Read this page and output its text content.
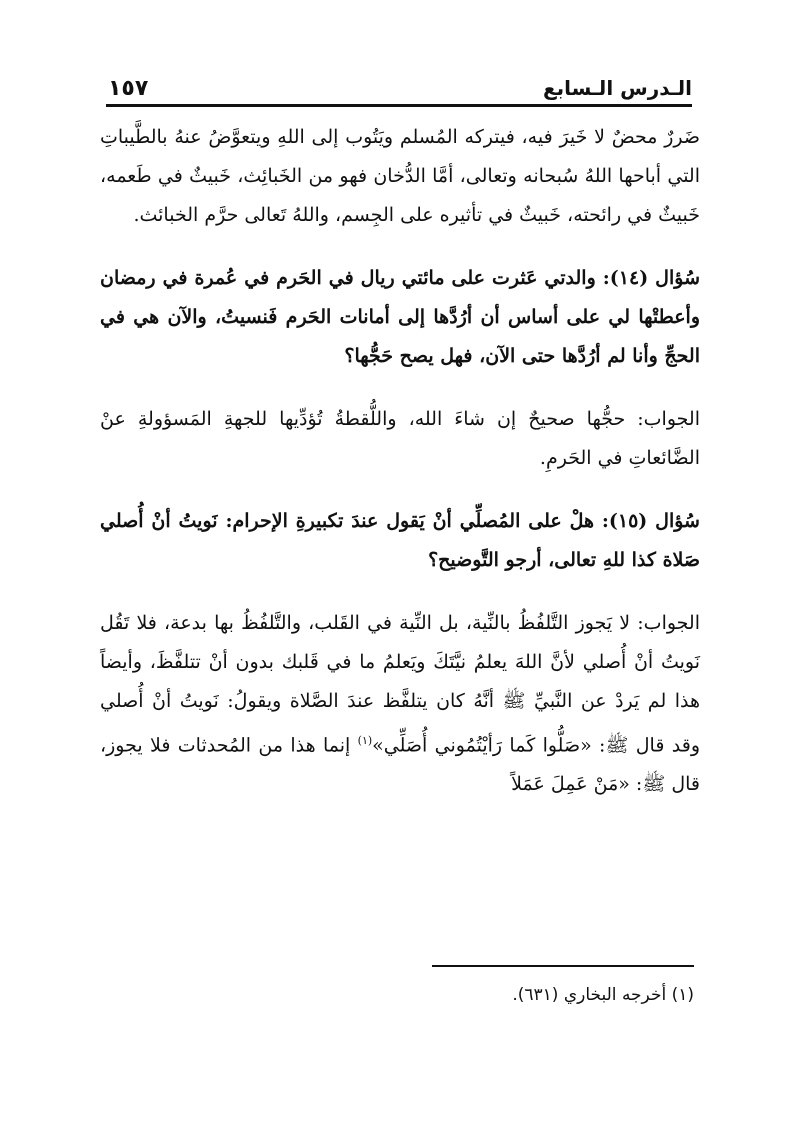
١٥٧	الـدرس الـسابع

ضَررٌ محضٌ لا خَيرَ فيه، فيتركه المُسلم ويَتُوب إلى اللهِ ويتعوَّضُ عنهُ بالطَّيباتِ التي أباحها اللهُ سُبحانه وتعالى، أمَّا الدُّخان فهو من الخَبائِث، خَبيثٌ في طَعمه، خَبيثٌ في رائحته، خَبيثٌ في تأثيره على الجِسم، واللهُ تَعالى حرَّم الخبائث.

سُؤال (١٤): والدتي عَثرت على مائتي ريال في الحَرم في عُمرة في رمضان وأعطتْها لي على أساس أن أرُدَّها إلى أمانات الحَرم فَنسيتُ، والآن هي في الحجِّ وأنا لم أرُدَّها حتى الآن، فهل يصح حَجُّها؟

الجواب: حجُّها صحيحٌ إن شاءَ الله، واللُّقطةُ تُؤدِّيها للجهةِ المَسؤولةِ عنْ الضَّائعاتِ في الحَرمِ.

سُؤال (١٥): هلْ على المُصلِّي أنْ يَقول عندَ تكبيرةِ الإحرام: نَويتُ أنْ أُصلي صَلاة كذا للهِ تعالى، أرجو التَّوضيح؟

الجواب: لا يَجوز التَّلفُظُ بالنِّية، بل النِّية في القَلب، والتَّلفُظُ بها بدعة، فلا تَقُل نَويتُ أنْ أُصلي لأنَّ اللهَ يعلمُ نيَّتَكَ ويَعلمُ ما في قَلبك بدون أنْ تتلفَّظَ، وأيضاً هذا لم يَردْ عن النَّبيِّ ﷺ أنَّهُ كان يتلفَّظ عندَ الصَّلاة ويقولُ: نَويتُ أنْ أُصلي وقد قال ﷺ: «صَلُّوا كَما رَأيْتُمُوني أُصَلِّي»$^{(١)}$ إنما هذا من المُحدثات فلا يجوز، قال ﷺ: «مَنْ عَمِلَ عَمَلاً

(١) أخرجه البخاري (٦٣١).
